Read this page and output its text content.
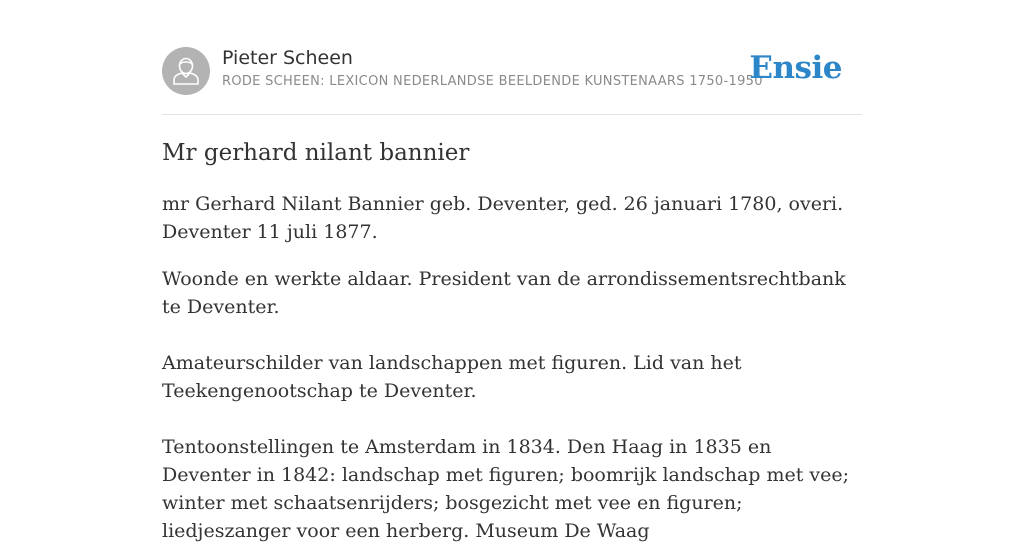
Pieter Scheen
RODE SCHEEN: LEXICON NEDERLANDSE BEELDENDE KUNSTENAARS 1750-1950
Ensie
Mr gerhard nilant bannier

mr Gerhard Nilant Bannier geb. Deventer, ged. 26 januari 1780, overi. Deventer 11 juli 1877.

Woonde en werkte aldaar. President van de arrondissementsrechtbank te Deventer.

Amateurschilder van landschappen met figuren. Lid van het Teekengenootschap te Deventer.

Tentoonstellingen te Amsterdam in 1834. Den Haag in 1835 en Deventer in 1842: landschap met figuren; boomrijk landschap met vee; winter met schaatsenrijders; bosgezicht met vee en figuren; liedjeszanger voor een herberg. Museum De Waag
